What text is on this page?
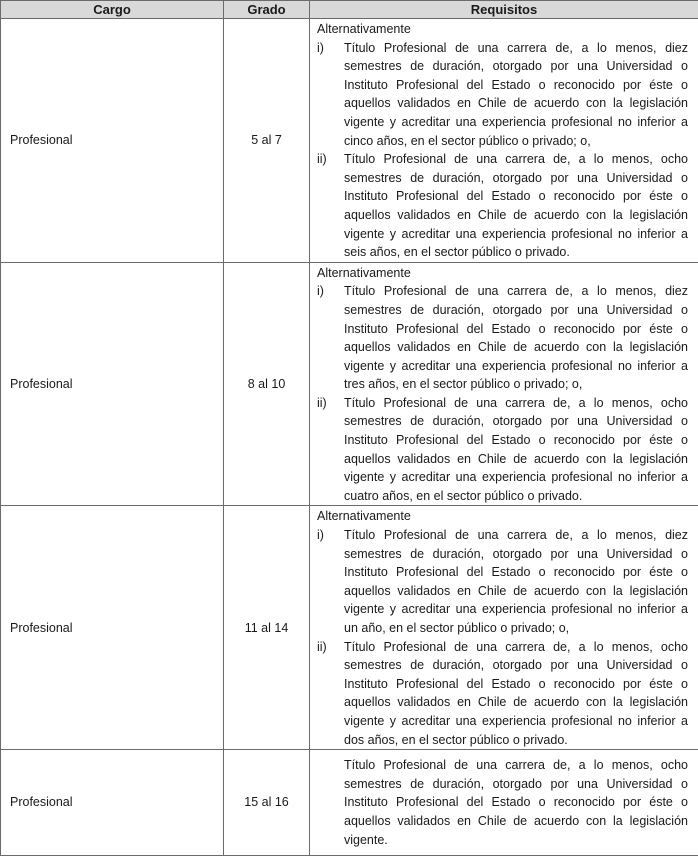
Cargo	Grado	Requisitos
Profesional	5 al 7	Alternativamente
i) Título Profesional de una carrera de, a lo menos, diez semestres de duración, otorgado por una Universidad o Instituto Profesional del Estado o reconocido por éste o aquellos validados en Chile de acuerdo con la legislación vigente y acreditar una experiencia profesional no inferior a cinco años, en el sector público o privado; o,
ii) Título Profesional de una carrera de, a lo menos, ocho semestres de duración, otorgado por una Universidad o Instituto Profesional del Estado o reconocido por éste o aquellos validados en Chile de acuerdo con la legislación vigente y acreditar una experiencia profesional no inferior a seis años, en el sector público o privado.

Profesional	8 al 10	Alternativamente
i) Título Profesional de una carrera de, a lo menos, diez semestres de duración, otorgado por una Universidad o Instituto Profesional del Estado o reconocido por éste o aquellos validados en Chile de acuerdo con la legislación vigente y acreditar una experiencia profesional no inferior a tres años, en el sector público o privado; o,
ii) Título Profesional de una carrera de, a lo menos, ocho semestres de duración, otorgado por una Universidad o Instituto Profesional del Estado o reconocido por éste o aquellos validados en Chile de acuerdo con la legislación vigente y acreditar una experiencia profesional no inferior a cuatro años, en el sector público o privado.

Profesional	11 al 14	Alternativamente
i) Título Profesional de una carrera de, a lo menos, diez semestres de duración, otorgado por una Universidad o Instituto Profesional del Estado o reconocido por éste o aquellos validados en Chile de acuerdo con la legislación vigente y acreditar una experiencia profesional no inferior a un año, en el sector público o privado; o,
ii) Título Profesional de una carrera de, a lo menos, ocho semestres de duración, otorgado por una Universidad o Instituto Profesional del Estado o reconocido por éste o aquellos validados en Chile de acuerdo con la legislación vigente y acreditar una experiencia profesional no inferior a dos años, en el sector público o privado.

Profesional	15 al 16	Título Profesional de una carrera de, a lo menos, ocho semestres de duración, otorgado por una Universidad o Instituto Profesional del Estado o reconocido por éste o aquellos validados en Chile de acuerdo con la legislación vigente.
